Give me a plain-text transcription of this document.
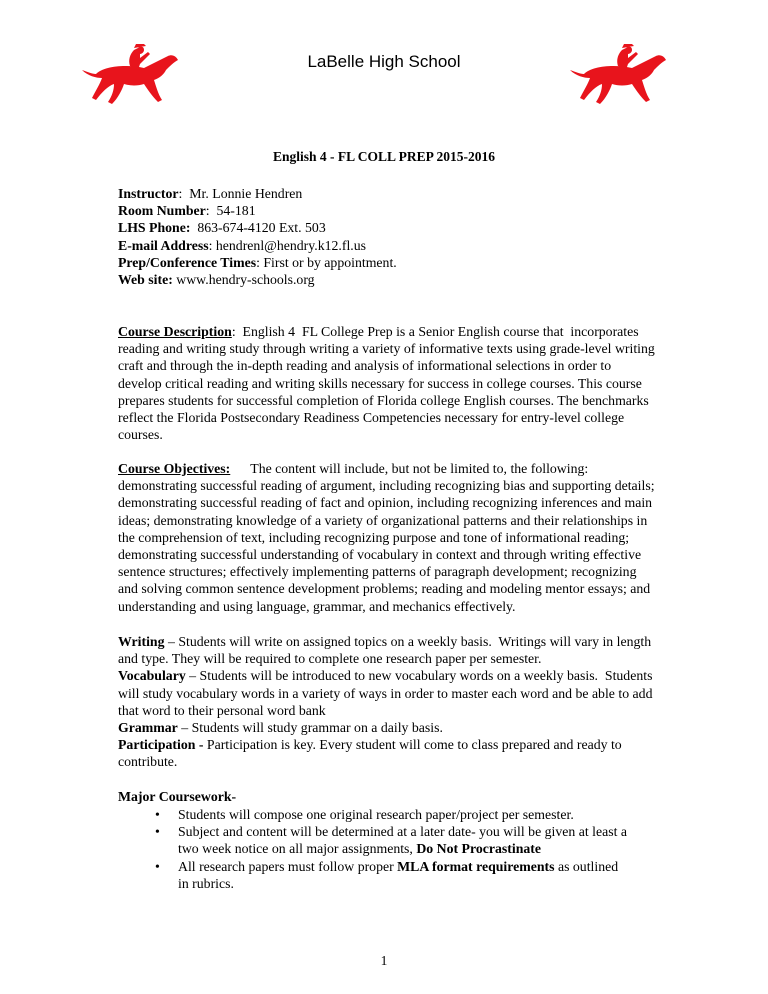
LaBelle High School
English 4 - FL COLL PREP 2015-2016
Instructor:  Mr. Lonnie Hendren
Room Number:  54-181
LHS Phone:  863-674-4120 Ext. 503
E-mail Address: hendrenl@hendry.k12.fl.us
Prep/Conference Times: First or by appointment.
Web site: www.hendry-schools.org
Course Description:  English 4  FL College Prep is a Senior English course that  incorporates
reading and writing study through writing a variety of informative texts using grade-level writing
craft and through the in-depth reading and analysis of informational selections in order to
develop critical reading and writing skills necessary for success in college courses. This course
prepares students for successful completion of Florida college English courses. The benchmarks
reflect the Florida Postsecondary Readiness Competencies necessary for entry-level college
courses.
Course Objectives: The content will include, but not be limited to, the following:
demonstrating successful reading of argument, including recognizing bias and supporting details;
demonstrating successful reading of fact and opinion, including recognizing inferences and main
ideas; demonstrating knowledge of a variety of organizational patterns and their relationships in
the comprehension of text, including recognizing purpose and tone of informational reading;
demonstrating successful understanding of vocabulary in context and through writing effective
sentence structures; effectively implementing patterns of paragraph development; recognizing
and solving common sentence development problems; reading and modeling mentor essays; and
understanding and using language, grammar, and mechanics effectively.
Writing – Students will write on assigned topics on a weekly basis.  Writings will vary in length
and type. They will be required to complete one research paper per semester.
Vocabulary – Students will be introduced to new vocabulary words on a weekly basis.  Students
will study vocabulary words in a variety of ways in order to master each word and be able to add
that word to their personal word bank
Grammar – Students will study grammar on a daily basis.
Participation - Participation is key. Every student will come to class prepared and ready to
contribute.
Major Coursework-
• Students will compose one original research paper/project per semester.
• Subject and content will be determined at a later date- you will be given at least a
two week notice on all major assignments, Do Not Procrastinate
• All research papers must follow proper MLA format requirements as outlined
in rubrics.
1
